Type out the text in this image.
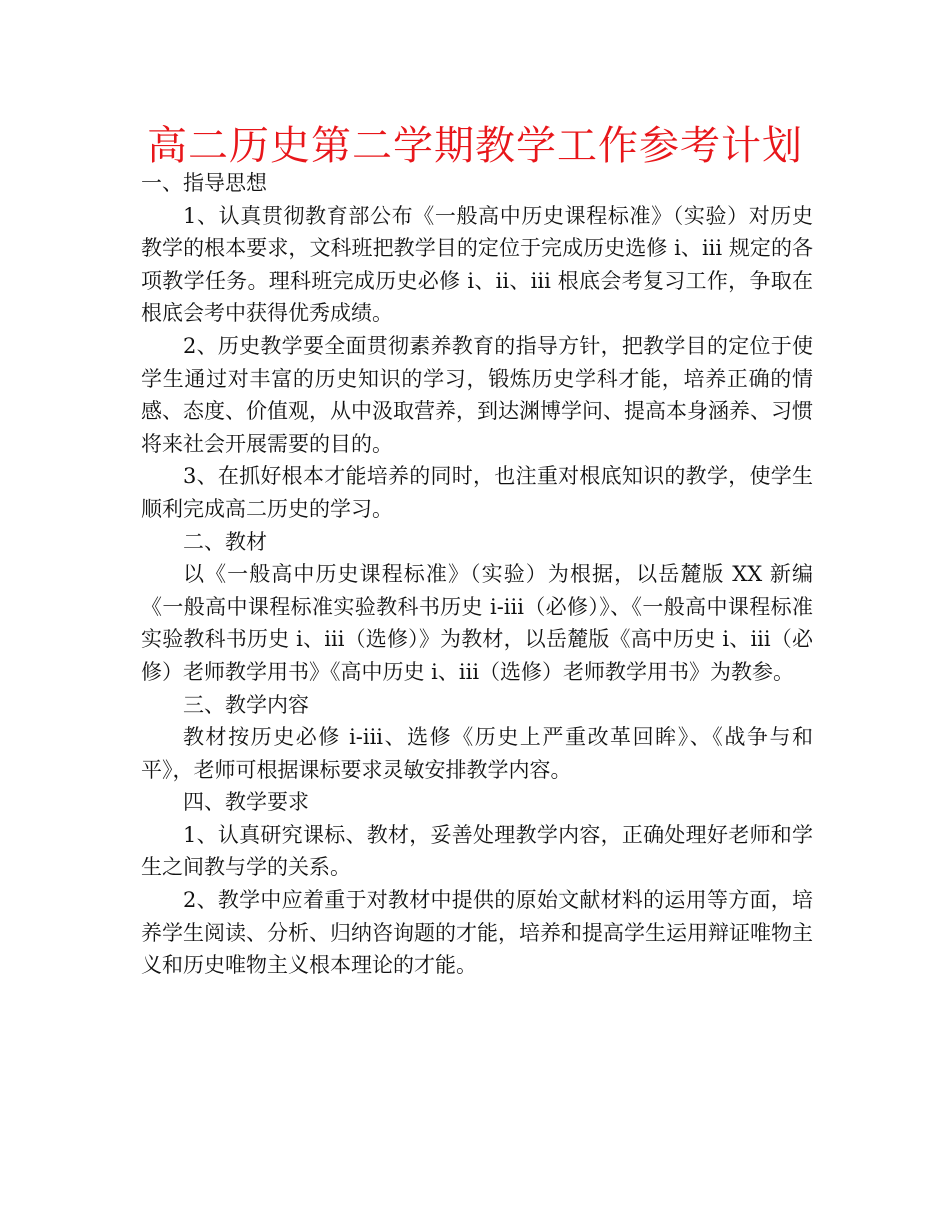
高二历史第二学期教学工作参考计划

一、指导思想

1、认真贯彻教育部公布《一般高中历史课程标准》（实验）对历史教学的根本要求，文科班把教学目的定位于完成历史选修 i、iii 规定的各项教学任务。理科班完成历史必修 i、ii、iii 根底会考复习工作，争取在根底会考中获得优秀成绩。

2、历史教学要全面贯彻素养教育的指导方针，把教学目的定位于使学生通过对丰富的历史知识的学习，锻炼历史学科才能，培养正确的情感、态度、价值观，从中汲取营养，到达渊博学问、提高本身涵养、习惯将来社会开展需要的目的。

3、在抓好根本才能培养的同时，也注重对根底知识的教学，使学生顺利完成高二历史的学习。

二、教材

以《一般高中历史课程标准》（实验）为根据，以岳麓版 XX 新编《一般高中课程标准实验教科书历史 i-iii（必修）》、《一般高中课程标准实验教科书历史 i、iii（选修）》为教材，以岳麓版《高中历史 i、iii（必修）老师教学用书》《高中历史 i、iii（选修）老师教学用书》为教参。

三、教学内容

教材按历史必修 i-iii、选修《历史上严重改革回眸》、《战争与和平》，老师可根据课标要求灵敏安排教学内容。

四、教学要求

1、认真研究课标、教材，妥善处理教学内容，正确处理好老师和学生之间教与学的关系。

2、教学中应着重于对教材中提供的原始文献材料的运用等方面，培养学生阅读、分析、归纳咨询题的才能，培养和提高学生运用辩证唯物主义和历史唯物主义根本理论的才能。
